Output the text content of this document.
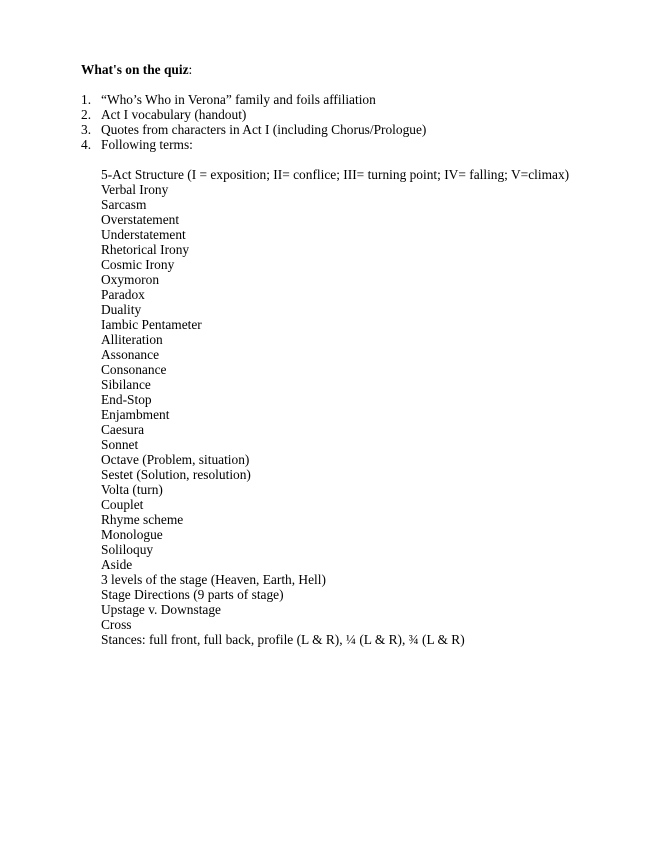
What's on the quiz:
1. “Who’s Who in Verona” family and foils affiliation
2. Act I vocabulary (handout)
3. Quotes from characters in Act I (including Chorus/Prologue)
4. Following terms:
5-Act Structure (I = exposition; II= conflice; III= turning point; IV= falling; V=climax)
Verbal Irony
Sarcasm
Overstatement
Understatement
Rhetorical Irony
Cosmic Irony
Oxymoron
Paradox
Duality
Iambic Pentameter
Alliteration
Assonance
Consonance
Sibilance
End-Stop
Enjambment
Caesura
Sonnet
Octave (Problem, situation)
Sestet (Solution, resolution)
Volta (turn)
Couplet
Rhyme scheme
Monologue
Soliloquy
Aside
3 levels of the stage (Heaven, Earth, Hell)
Stage Directions (9 parts of stage)
Upstage v. Downstage
Cross
Stances: full front, full back, profile (L & R), ¼ (L & R), ¾ (L & R)
